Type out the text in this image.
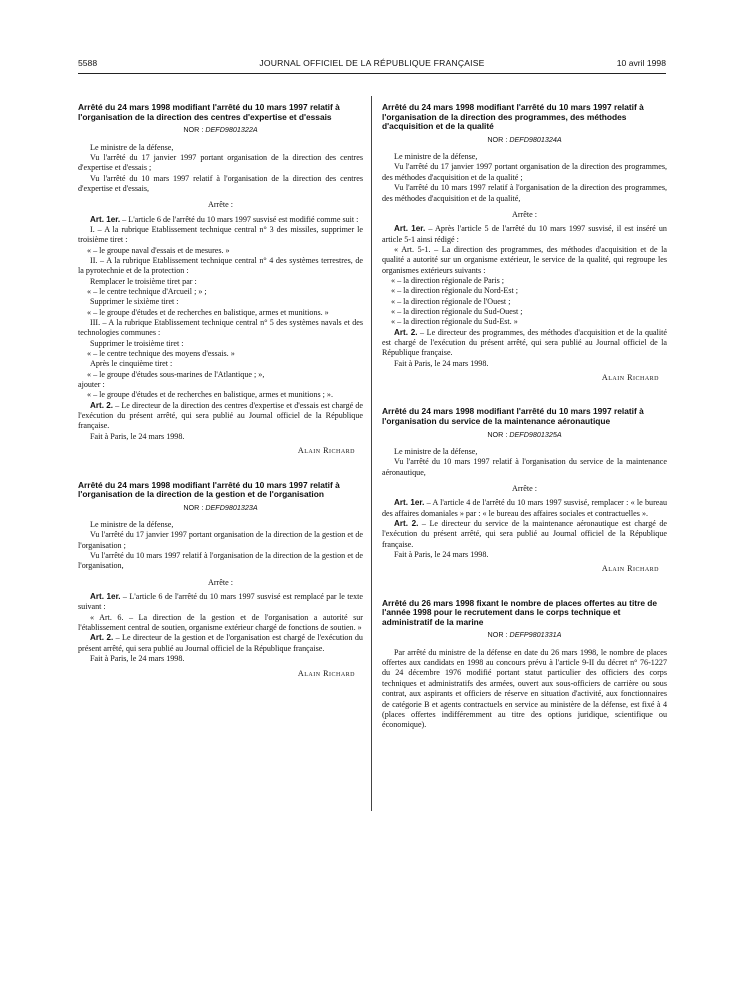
5588	JOURNAL OFFICIEL DE LA RÉPUBLIQUE FRANÇAISE	10 avril 1998
Arrêté du 24 mars 1998 modifiant l'arrêté du 10 mars 1997 relatif à l'organisation de la direction des centres d'expertise et d'essais
NOR : DEFD9801322A

Le ministre de la défense,

Vu l'arrêté du 17 janvier 1997 portant organisation de la direction des centres d'expertise et d'essais ;

Vu l'arrêté du 10 mars 1997 relatif à l'organisation de la direction des centres d'expertise et d'essais,

Arrête :

Art. 1er. – L'article 6 de l'arrêté du 10 mars 1997 susvisé est modifié comme suit :

I. – A la rubrique Etablissement technique central n° 3 des missiles, supprimer le troisième tiret :

« – le groupe naval d'essais et de mesures. »

II. – A la rubrique Etablissement technique central n° 4 des systèmes terrestres, de la pyrotechnie et de la protection :

Remplacer le troisième tiret par :

« – le centre technique d'Arcueil ; » ;

Supprimer le sixième tiret :

« – le groupe d'études et de recherches en balistique, armes et munitions. »

III. – A la rubrique Etablissement technique central n° 5 des systèmes navals et des technologies communes :

Supprimer le troisième tiret :

« – le centre technique des moyens d'essais. »

Après le cinquième tiret :

« – le groupe d'études sous-marines de l'Atlantique ; »,

ajouter :

« – le groupe d'études et de recherches en balistique, armes et munitions ; ».

Art. 2. – Le directeur de la direction des centres d'expertise et d'essais est chargé de l'exécution du présent arrêté, qui sera publié au Journal officiel de la République française.

Fait à Paris, le 24 mars 1998.

Alain Richard
Arrêté du 24 mars 1998 modifiant l'arrêté du 10 mars 1997 relatif à l'organisation de la direction de la gestion et de l'organisation
NOR : DEFD9801323A

Le ministre de la défense,

Vu l'arrêté du 17 janvier 1997 portant organisation de la direction de la gestion et de l'organisation ;

Vu l'arrêté du 10 mars 1997 relatif à l'organisation de la direction de la gestion et de l'organisation,

Arrête :

Art. 1er. – L'article 6 de l'arrêté du 10 mars 1997 susvisé est remplacé par le texte suivant :

« Art. 6. – La direction de la gestion et de l'organisation a autorité sur l'établissement central de soutien, organisme extérieur chargé de fonctions de soutien. »

Art. 2. – Le directeur de la gestion et de l'organisation est chargé de l'exécution du présent arrêté, qui sera publié au Journal officiel de la République française.

Fait à Paris, le 24 mars 1998.

Alain Richard
Arrêté du 24 mars 1998 modifiant l'arrêté du 10 mars 1997 relatif à l'organisation de la direction des programmes, des méthodes d'acquisition et de la qualité
NOR : DEFD9801324A

Le ministre de la défense,

Vu l'arrêté du 17 janvier 1997 portant organisation de la direction des programmes, des méthodes d'acquisition et de la qualité ;

Vu l'arrêté du 10 mars 1997 relatif à l'organisation de la direction des programmes, des méthodes d'acquisition et de la qualité,

Arrête :

Art. 1er. – Après l'article 5 de l'arrêté du 10 mars 1997 susvisé, il est inséré un article 5-1 ainsi rédigé :

« Art. 5-1. – La direction des programmes, des méthodes d'acquisition et de la qualité a autorité sur un organisme extérieur, le service de la qualité, qui regroupe les organismes extérieurs suivants :

« – la direction régionale de Paris ;

« – la direction régionale du Nord-Est ;

« – la direction régionale de l'Ouest ;

« – la direction régionale du Sud-Ouest ;

« – la direction régionale du Sud-Est. »

Art. 2. – Le directeur des programmes, des méthodes d'acquisition et de la qualité est chargé de l'exécution du présent arrêté, qui sera publié au Journal officiel de la République française.

Fait à Paris, le 24 mars 1998.

Alain Richard
Arrêté du 24 mars 1998 modifiant l'arrêté du 10 mars 1997 relatif à l'organisation du service de la maintenance aéronautique
NOR : DEFD9801325A

Le ministre de la défense,

Vu l'arrêté du 10 mars 1997 relatif à l'organisation du service de la maintenance aéronautique,

Arrête :

Art. 1er. – A l'article 4 de l'arrêté du 10 mars 1997 susvisé, remplacer : « le bureau des affaires domaniales » par : « le bureau des affaires sociales et contractuelles ».

Art. 2. – Le directeur du service de la maintenance aéronautique est chargé de l'exécution du présent arrêté, qui sera publié au Journal officiel de la République française.

Fait à Paris, le 24 mars 1998.

Alain Richard
Arrêté du 26 mars 1998 fixant le nombre de places offertes au titre de l'année 1998 pour le recrutement dans le corps technique et administratif de la marine
NOR : DEFP9801331A

Par arrêté du ministre de la défense en date du 26 mars 1998, le nombre de places offertes aux candidats en 1998 au concours prévu à l'article 9-II du décret n° 76-1227 du 24 décembre 1976 modifié portant statut particulier des officiers des corps techniques et administratifs des armées, ouvert aux sous-officiers de carrière ou sous contrat, aux aspirants et officiers de réserve en situation d'activité, aux fonctionnaires de catégorie B et agents contractuels en service au ministère de la défense, est fixé à 4 (places offertes indifféremment au titre des options juridique, scientifique ou économique).
